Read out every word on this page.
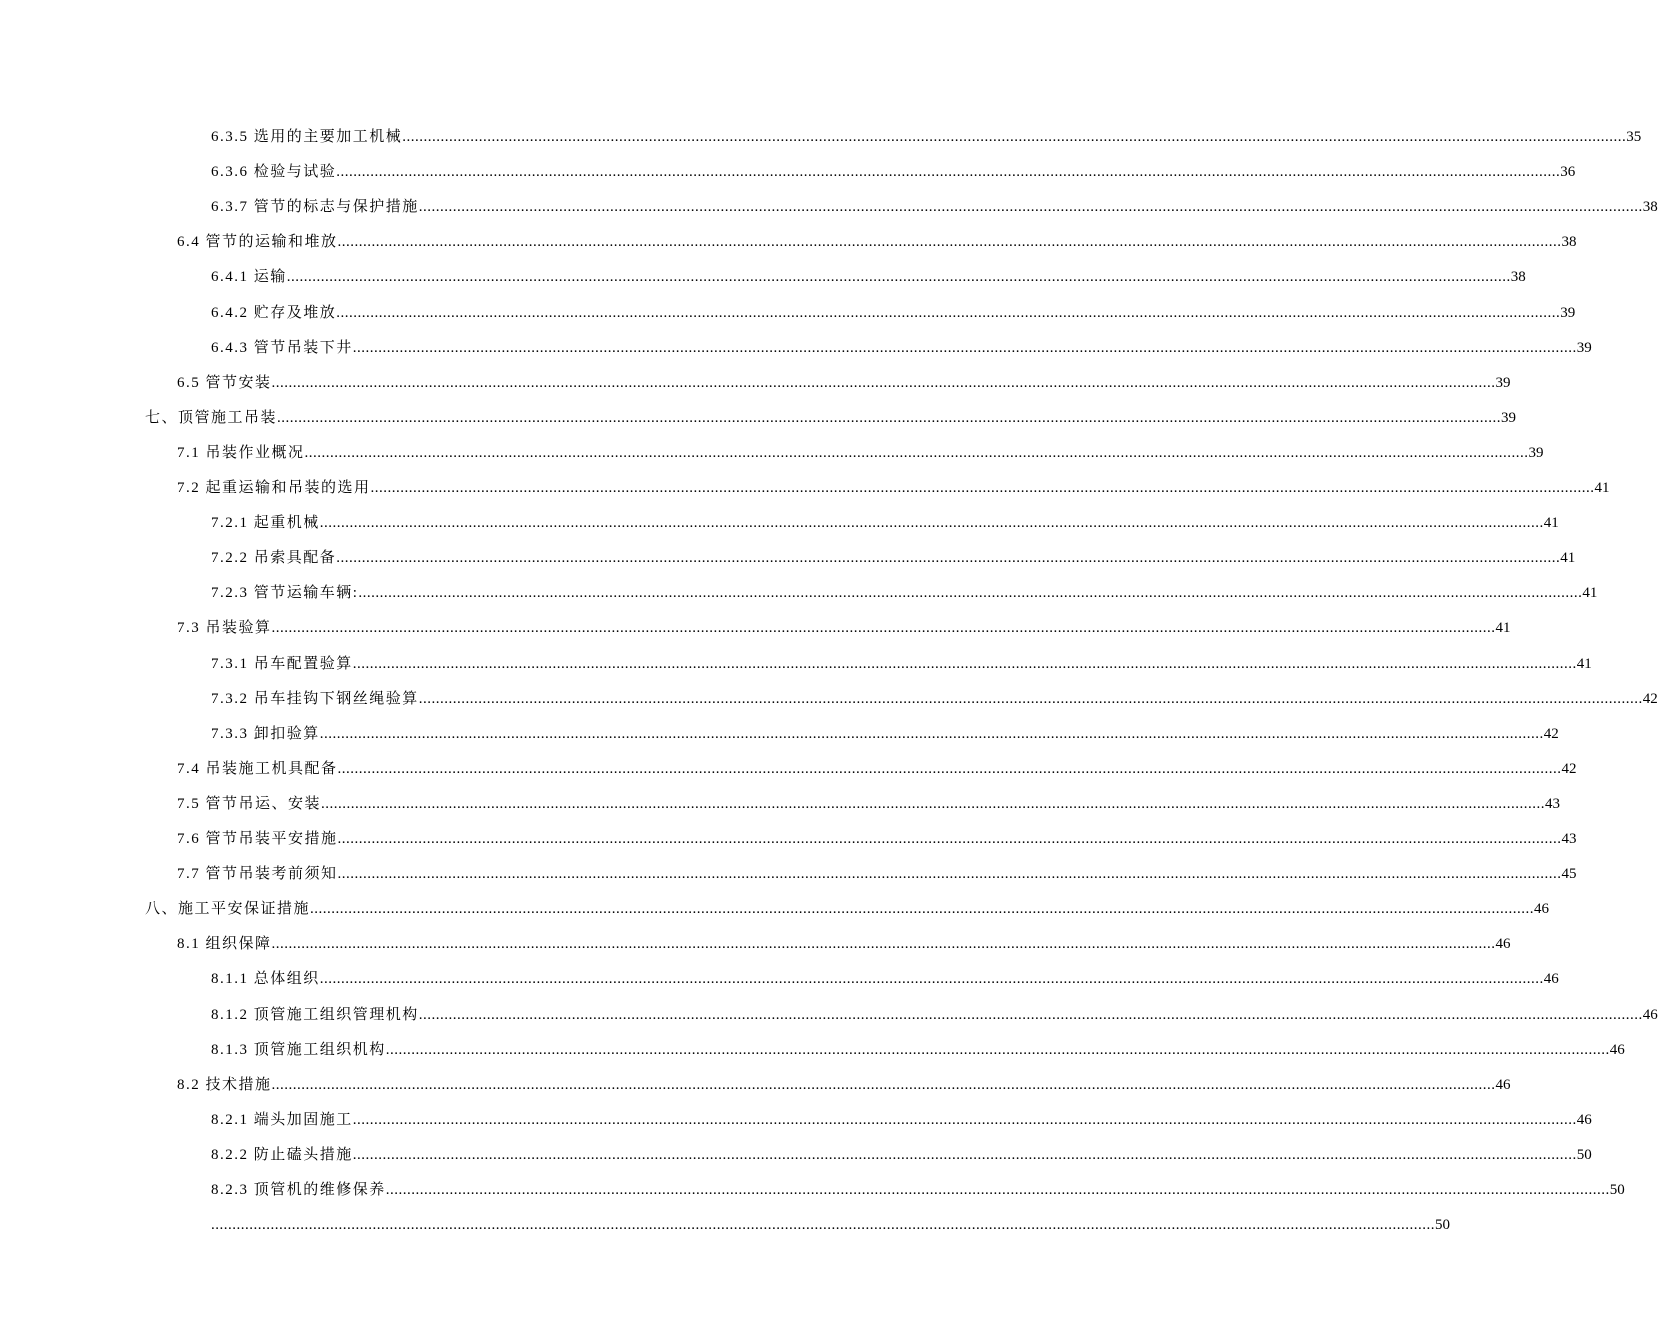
6.3.5 选用的主要加工机械 ................................................................................................................................................................................................................................................................................................ 35
6.3.6 检验与试验 ................................................................................................................................................................................................................................................................................................ 36
6.3.7 管节的标志与保护措施 ................................................................................................................................................................................................................................................................................................ 38
6.4 管节的运输和堆放 ................................................................................................................................................................................................................................................................................................ 38
6.4.1 运输 ................................................................................................................................................................................................................................................................................................ 38
6.4.2 贮存及堆放 ................................................................................................................................................................................................................................................................................................ 39
6.4.3 管节吊装下井 ................................................................................................................................................................................................................................................................................................ 39
6.5 管节安装 ................................................................................................................................................................................................................................................................................................ 39
七、顶管施工吊装 ................................................................................................................................................................................................................................................................................................ 39
7.1 吊装作业概况 ................................................................................................................................................................................................................................................................................................ 39
7.2 起重运输和吊装的选用 ................................................................................................................................................................................................................................................................................................ 41
7.2.1 起重机械 ................................................................................................................................................................................................................................................................................................ 41
7.2.2 吊索具配备 ................................................................................................................................................................................................................................................................................................ 41
7.2.3 管节运输车辆: ................................................................................................................................................................................................................................................................................................ 41
7.3 吊装验算 ................................................................................................................................................................................................................................................................................................ 41
7.3.1 吊车配置验算 ................................................................................................................................................................................................................................................................................................ 41
7.3.2 吊车挂钩下钢丝绳验算 ................................................................................................................................................................................................................................................................................................ 42
7.3.3 卸扣验算 ................................................................................................................................................................................................................................................................................................ 42
7.4 吊装施工机具配备 ................................................................................................................................................................................................................................................................................................ 42
7.5 管节吊运、安装 ................................................................................................................................................................................................................................................................................................ 43
7.6 管节吊装平安措施 ................................................................................................................................................................................................................................................................................................ 43
7.7 管节吊装考前须知 ................................................................................................................................................................................................................................................................................................ 45
八、施工平安保证措施 ................................................................................................................................................................................................................................................................................................ 46
8.1 组织保障 ................................................................................................................................................................................................................................................................................................ 46
8.1.1 总体组织 ................................................................................................................................................................................................................................................................................................ 46
8.1.2 顶管施工组织管理机构 ................................................................................................................................................................................................................................................................................................ 46
8.1.3 顶管施工组织机构 ................................................................................................................................................................................................................................................................................................ 46
8.2 技术措施 ................................................................................................................................................................................................................................................................................................ 46
8.2.1 端头加固施工 ................................................................................................................................................................................................................................................................................................ 46
8.2.2 防止磕头措施 ................................................................................................................................................................................................................................................................................................ 50
8.2.3 顶管机的维修保养 ................................................................................................................................................................................................................................................................................................ 50
................................................................................................................................................................................................................................................................................................ 50
